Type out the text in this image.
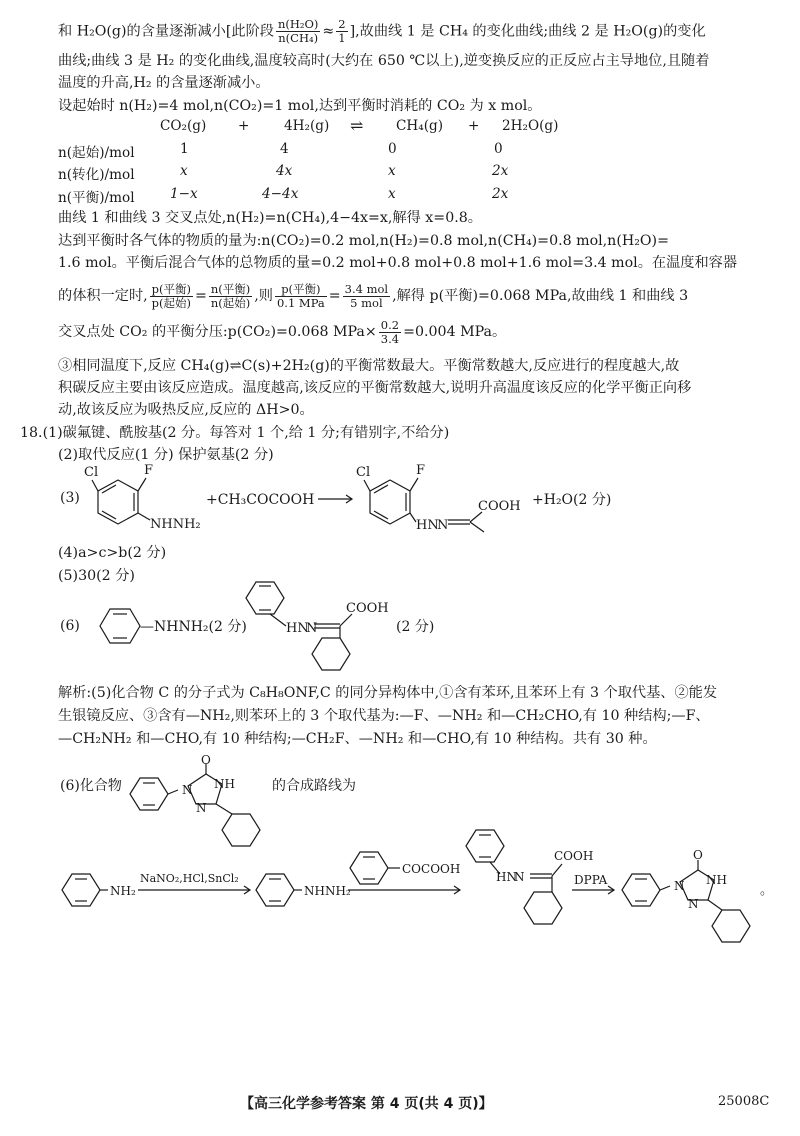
和 H₂O(g)的含量逐渐减小[此阶段 $\frac{\text{n(H₂O)}}{\text{n(CH₄)}} \approx \frac{2}{1}$ ],故曲线 1 是 CH₄ 的变化曲线;曲线 2 是 H₂O(g)的变化
曲线;曲线 3 是 H₂ 的变化曲线,温度较高时(大约在 650 ℃以上),逆变换反应的正反应占主导地位,且随着
温度的升高,H₂ 的含量逐渐减小。
设起始时 n(H₂)=4 mol,n(CO₂)=1 mol,达到平衡时消耗的 CO₂ 为 x mol。
CO₂(g) +	4H₂(g) ⇌ CH₄(g) + 2H₂O(g)
n(起始)/mol	1	4	0	0
n(转化)/mol	x	4x	x	2x
n(平衡)/mol	1−x	4−4x	x	2x
曲线 1 和曲线 3 交叉点处,n(H₂)=n(CH₄),4−4x=x,解得 x=0.8。
达到平衡时各气体的物质的量为:n(CO₂)=0.2 mol,n(H₂)=0.8 mol,n(CH₄)=0.8 mol,n(H₂O)=
1.6 mol。平衡后混合气体的总物质的量=0.2 mol+0.8 mol+0.8 mol+1.6 mol=3.4 mol。在温度和容器
的体积一定时, $\frac{\text{p(平衡)}}{\text{p(起始)}} = \frac{\text{n(平衡)}}{\text{n(起始)}}$ ,则 $\frac{\text{p(平衡)}}{\text{0.1 MPa}} = \frac{\text{3.4 mol}}{\text{5 mol}}$ ,解得 p(平衡)=0.068 MPa,故曲线 1 和曲线 3
交叉点处 CO₂ 的平衡分压:p(CO₂)=0.068 $MPa\times \frac{0.2}{3.4} =0.004$ MPa。
③相同温度下,反应 CH₄(g)⇌C(s)+2H₂(g)的平衡常数最大。平衡常数越大,反应进行的程度越大,故
积碳反应主要由该反应造成。温度越高,该反应的平衡常数越大,说明升高温度该反应的化学平衡正向移
动,故该反应为吸热反应,反应的 ΔH>0。
18.(1)碳氟键、酰胺基(2 分。每答对 1 个,给 1 分;有错别字,不给分)
(2)取代反应(1 分) 保护氨基(2 分)
(3)
Cl	F
NHNH₂
+CH₃COCOOH
Cl	F
HN
N
COOH +H₂O(2 分)
(4)a>c>b(2 分)
(5)30(2 分)
(6)	—NHNH₂(2 分)	HN
N
COOH
(2 分)
解析:(5)化合物 C 的分子式为 C₈H₈ONF,C 的同分异构体中,①含有苯环,且苯环上有 3 个取代基、②能发
生银镜反应、③含有—NH₂,则苯环上的 3 个取代基为:—F、—NH₂ 和—CH₂CHO,有 10 种结构;—F、
—CH₂NH₂ 和—CHO,有 10 种结构;—CH₂F、—NH₂ 和—CHO,有 10 种结构。共有 30 种。
(6)化合物
O
NH
N
N
的合成路线为
NH₂
NaNO₂,HCl,SnCl₂
NHNH₂
COCOOH
HN
N
COOH
DPPA
O
NH
N
N
。
【高三化学参考答案 第 4 页(共 4 页)】	25008C
